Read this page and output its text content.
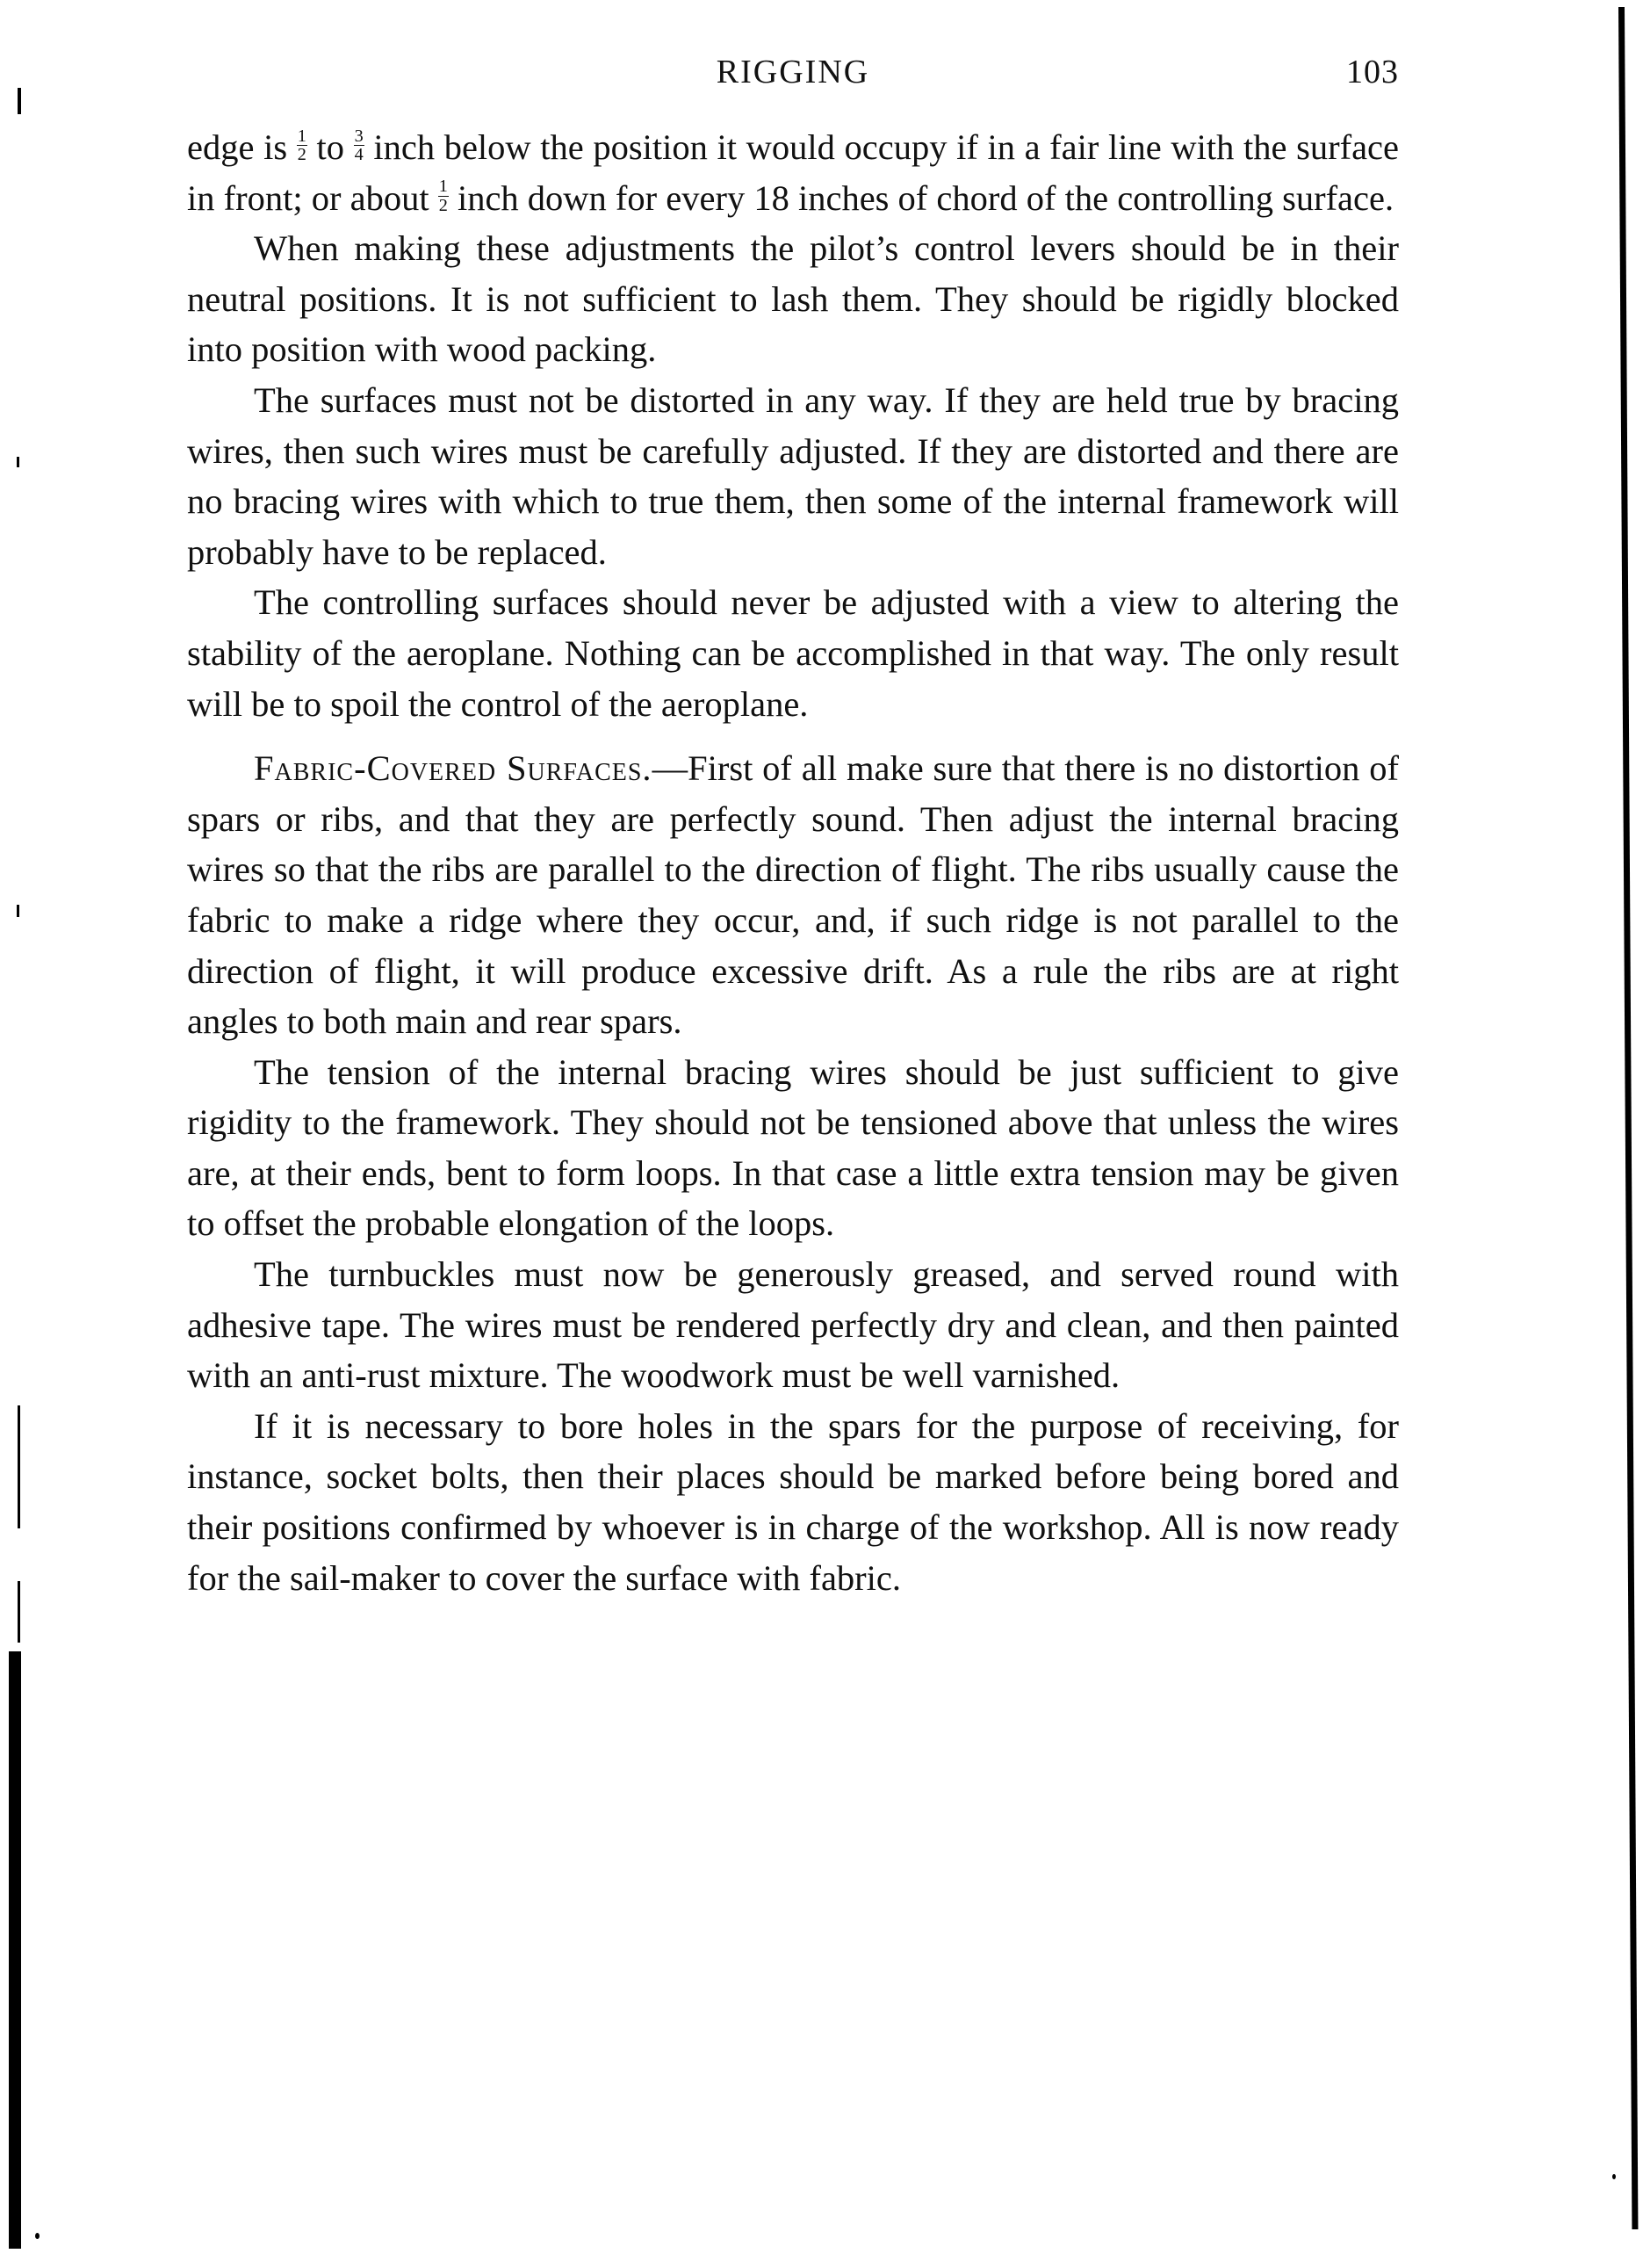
RIGGING	103

edge is $\frac{1}{2}$ to $\frac{3}{4}$ inch below the position it would occupy if in a fair line with the surface in front; or about $\frac{1}{2}$ inch down for every 18 inches of chord of the controlling surface.

When making these adjustments the pilot’s control levers should be in their neutral positions. It is not sufficient to lash them. They should be rigidly blocked into position with wood packing.

The surfaces must not be distorted in any way. If they are held true by bracing wires, then such wires must be carefully adjusted. If they are distorted and there are no bracing wires with which to true them, then some of the internal framework will probably have to be replaced.

The controlling surfaces should never be adjusted with a view to altering the stability of the aeroplane. Nothing can be accomplished in that way. The only result will be to spoil the control of the aeroplane.

Fabric-Covered Surfaces.—First of all make sure that there is no distortion of spars or ribs, and that they are perfectly sound. Then adjust the internal bracing wires so that the ribs are parallel to the direction of flight. The ribs usually cause the fabric to make a ridge where they occur, and, if such ridge is not parallel to the direction of flight, it will produce excessive drift. As a rule the ribs are at right angles to both main and rear spars.

The tension of the internal bracing wires should be just sufficient to give rigidity to the framework. They should not be tensioned above that unless the wires are, at their ends, bent to form loops. In that case a little extra tension may be given to offset the probable elongation of the loops.

The turnbuckles must now be generously greased, and served round with adhesive tape. The wires must be rendered perfectly dry and clean, and then painted with an anti-rust mixture. The woodwork must be well varnished.

If it is necessary to bore holes in the spars for the purpose of receiving, for instance, socket bolts, then their places should be marked before being bored and their positions confirmed by whoever is in charge of the workshop. All is now ready for the sail-maker to cover the surface with fabric.
